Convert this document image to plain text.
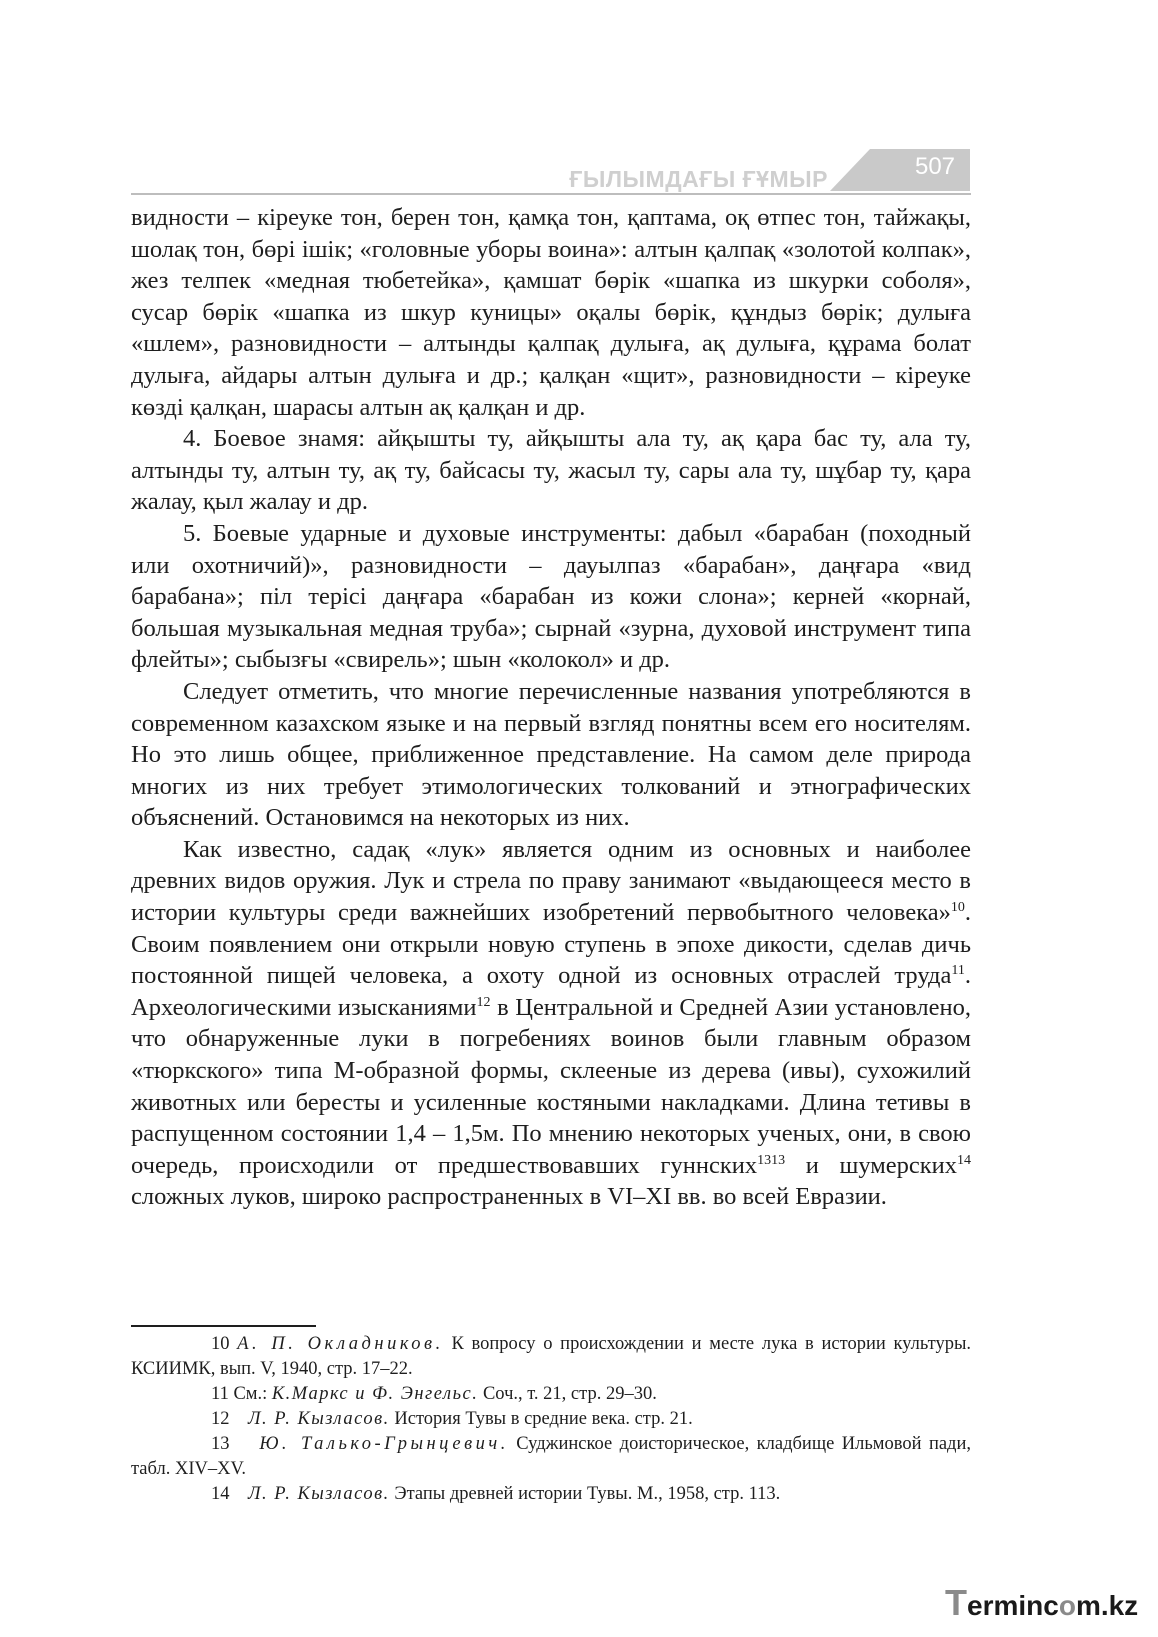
ҒЫЛЫМДАҒЫ ҒҰМЫР	507

видности – кіреуке тон, берен тон, қамқа тон, қаптама, оқ өтпес тон, тайжақы, шолақ тон, бөрі ішік; «головные уборы воина»: алтын қалпақ «золотой колпак», жез телпек «медная тюбетейка», қамшат бөрік «шапка из шкурки соболя», сусар бөрік «шапка из шкур куницы» оқалы бөрік, құндыз бөрік; дулыға «шлем», разновидности – алтынды қалпақ дулыға, ақ дулыға, құрама болат дулыға, айдары алтын дулыға и др.; қалқан «щит», разновидности – кіреуке көзді қалқан, шарасы алтын ақ қалқан и др.

4. Боевое знамя: айқышты ту, айқышты ала ту, ақ қара бас ту, ала ту, алтынды ту, алтын ту, ақ ту, байсасы ту, жасыл ту, сары ала ту, шұбар ту, қара жалау, қыл жалау и др.

5. Боевые ударные и духовые инструменты: дабыл «барабан (походный или охотничий)», разновидности – дауылпаз «барабан», даңғара «вид барабана»; піл терісі даңғара «барабан из кожи слона»; керней «корнай, большая музыкальная медная труба»; сырнай «зурна, духовой инструмент типа флейты»; сыбызғы «свирель»; шын «колокол» и др.

Следует отметить, что многие перечисленные названия употребляются в современном казахском языке и на первый взгляд понятны всем его носителям. Но это лишь общее, приближенное представление. На самом деле природа многих из них требует этимологических толкований и этнографических объяснений. Остановимся на некоторых из них.

Как известно, садақ «лук» является одним из основных и наиболее древних видов оружия. Лук и стрела по праву занимают «выдающееся место в истории культуры среди важнейших изобретений первобытного человека»$^{10}$. Своим появлением они открыли новую ступень в эпохе дикости, сделав дичь постоянной пищей человека, а охоту одной из основных отраслей труда$^{11}$. Археологическими изысканиями$^{12}$ в Центральной и Средней Азии установлено, что обнаруженные луки в погребениях воинов были главным образом «тюркского» типа М-образной формы, склееные из дерева (ивы), сухожилий животных или бересты и усиленные костяными накладками. Длина тетивы в распущенном состоянии 1,4 – 1,5м. По мнению некоторых ученых, они, в свою очередь, происходили от предшествовавших гуннских$^{1313}$ и шумерских$^{14}$ сложных луков, широко распространенных в VI–XI вв. во всей Евразии.

10 А. П. Окладников. К вопросу о происхождении и месте лука в истории культуры. КСИИМК, вып. V, 1940, стр. 17–22.

11 См.: К.Маркс и Ф. Энгельс. Соч., т. 21, стр. 29–30.

12 Л. Р. Кызласов. История Тувы в средние века. стр. 21.

13 Ю. Талько-Грынцевич. Суджинское доисторическое, кладбище Ильмовой пади, табл. XIV–XV.

14 Л. Р. Кызласов. Этапы древней истории Тувы. М., 1958, стр. 113.

Termincοm.kz
